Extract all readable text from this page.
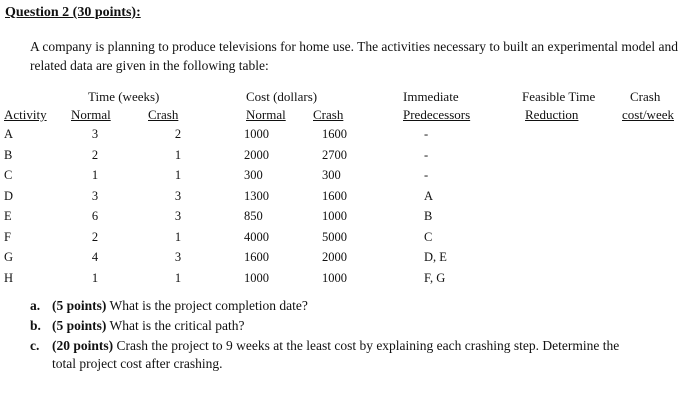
Question 2 (30 points):
A company is planning to produce televisions for home use. The activities necessary to built an experimental model and related data are given in the following table:
Time (weeks)	Cost (dollars)	Immediate	Feasible Time	Crash
Activity Normal	Crash	Normal Crash	Predecessors	Reduction	cost/week
A	3	2	1000	1600	-
B	2	1	2000	2700	-
C	1	1	300	300	-
D	3	3	1300	1600	A
E	6	3	850	1000	B
F	2	1	4000	5000	C
G	4	3	1600	2000	D, E
H	1	1	1000	1000	F, G
a. (5 points) What is the project completion date?
b. (5 points) What is the critical path?
c. (20 points) Crash the project to 9 weeks at the least cost by explaining each crashing step. Determine the
total project cost after crashing.
